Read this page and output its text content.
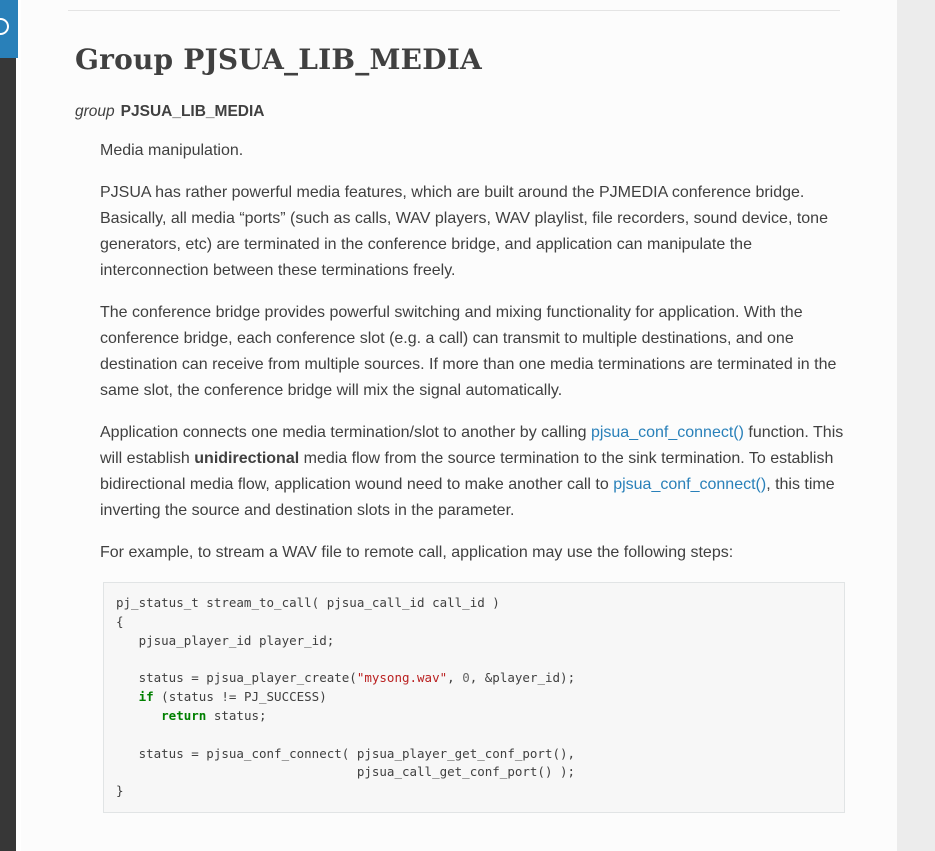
Group PJSUA_LIB_MEDIA
group PJSUA_LIB_MEDIA

Media manipulation.

PJSUA has rather powerful media features, which are built around the PJMEDIA conference bridge. Basically, all media “ports” (such as calls, WAV players, WAV playlist, file recorders, sound device, tone generators, etc) are terminated in the conference bridge, and application can manipulate the interconnection between these terminations freely.

The conference bridge provides powerful switching and mixing functionality for application. With the conference bridge, each conference slot (e.g. a call) can transmit to multiple destinations, and one destination can receive from multiple sources. If more than one media terminations are terminated in the same slot, the conference bridge will mix the signal automatically.

Application connects one media termination/slot to another by calling pjsua_conf_connect() function. This will establish unidirectional media flow from the source termination to the sink termination. To establish bidirectional media flow, application wound need to make another call to pjsua_conf_connect(), this time inverting the source and destination slots in the parameter.

For example, to stream a WAV file to remote call, application may use the following steps:

pj_status_t stream_to_call( pjsua_call_id call_id )
{
pjsua_player_id player_id;

status = pjsua_player_create("mysong.wav", 0, &player_id);
if (status != PJ_SUCCESS)
return status;

status = pjsua_conf_connect( pjsua_player_get_conf_port(),
pjsua_call_get_conf_port() );
}
